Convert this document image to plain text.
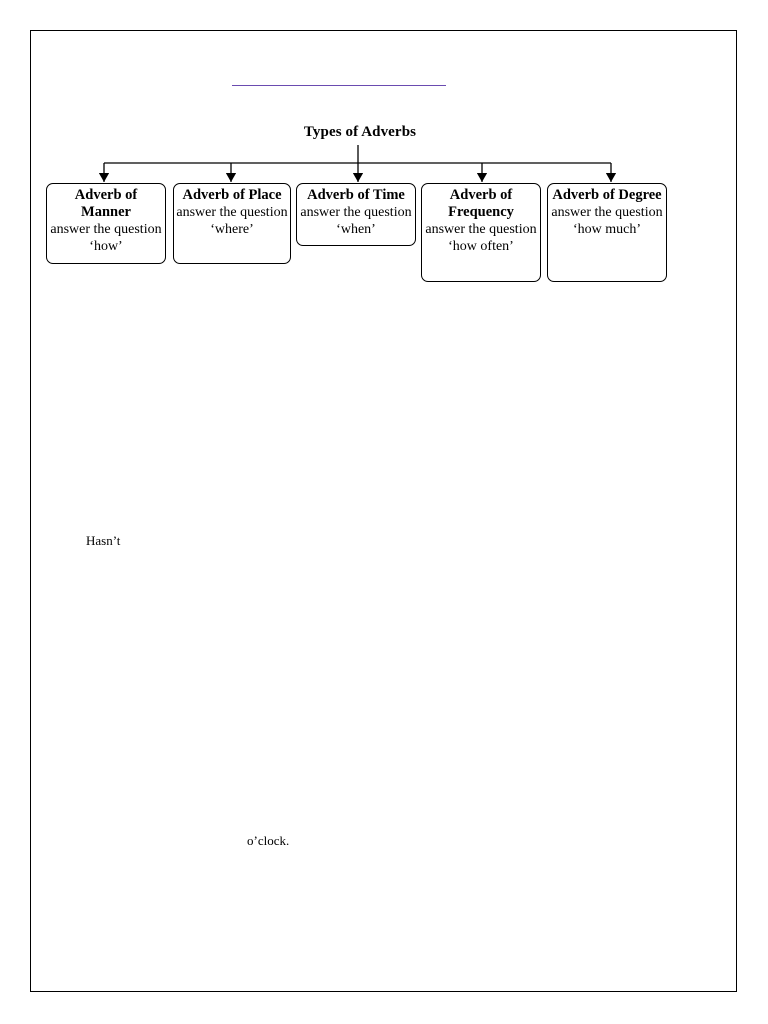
Types of Adverbs
Adverb of Manner
answer the question ‘how’
Adverb of Place
answer the question ‘where’
Adverb of Time
answer the question ‘when’
Adverb of Frequency
answer the question ‘how often’
Adverb of Degree
answer the question ‘how much’
Hasn’t
o’clock.
